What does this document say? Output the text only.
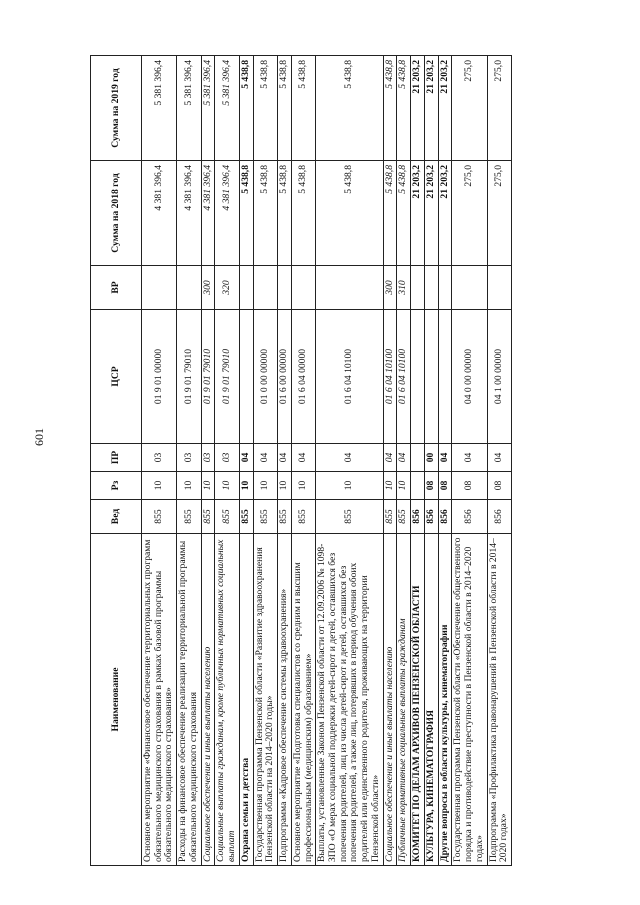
601
Наименование	Вед	Рз	ПР	ЦСР	ВР	Сумма на 2018 год	Сумма на 2019 год
Основное мероприятие «Финансовое обеспечение территориальных программ обязательного медицинского страхования в рамках базовой программы обязательного медицинского страхования»	855	10	03	01 9 01 00000		4 381 396,4	5 381 396,4
Расходы на финансовое обеспечение реализации территориальной программы обязательного медицинского страхования	855	10	03	01 9 01 79010		4 381 396,4	5 381 396,4
Социальное обеспечение и иные выплаты населению	855	10	03	01 9 01 79010	300	4 381 396,4	5 381 396,4
Социальные выплаты гражданам, кроме публичных нормативных социальных выплат	855	10	03	01 9 01 79010	320	4 381 396,4	5 381 396,4
Охрана семьи и детства	855	10	04			5 438,8	5 438,8
Государственная программа Пензенской области «Развитие здравоохранения Пензенской области на 2014–2020 годы»	855	10	04	01 0 00 00000		5 438,8	5 438,8
Подпрограмма «Кадровое обеспечение системы здравоохранения»	855	10	04	01 6 00 00000		5 438,8	5 438,8
Основное мероприятие «Подготовка специалистов со средним и высшим профессиональным (медицинским) образованием»	855	10	04	01 6 04 00000		5 438,8	5 438,8
Выплаты, установленные Законом Пензенской области от 12.09.2006 № 1098-ЗПО «О мерах социальной поддержки детей-сирот и детей, оставшихся без попечения родителей, лиц из числа детей-сирот и детей, оставшихся без попечения родителей, а также лиц, потерявших в период обучения обоих родителей или единственного родителя, проживающих на территории Пензенской области»	855	10	04	01 6 04 10100		5 438,8	5 438,8
Социальное обеспечение и иные выплаты населению	855	10	04	01 6 04 10100	300	5 438,8	5 438,8
Публичные нормативные социальные выплаты гражданам	855	10	04	01 6 04 10100	310	5 438,8	5 438,8
КОМИТЕТ ПО ДЕЛАМ АРХИВОВ ПЕНЗЕНСКОЙ ОБЛАСТИ	856					21 203,2	21 203,2
КУЛЬТУРА, КИНЕМАТОГРАФИЯ	856	08	00			21 203,2	21 203,2
Другие вопросы в области культуры, кинематографии	856	08	04			21 203,2	21 203,2
Государственная программа Пензенской области «Обеспечение общественного порядка и противодействие преступности в Пензенской области в 2014–2020 годах»	856	08	04	04 0 00 00000		275,0	275,0
Подпрограмма «Профилактика правонарушений в Пензенской области в 2014–2020 годах»	856	08	04	04 1 00 00000		275,0	275,0
